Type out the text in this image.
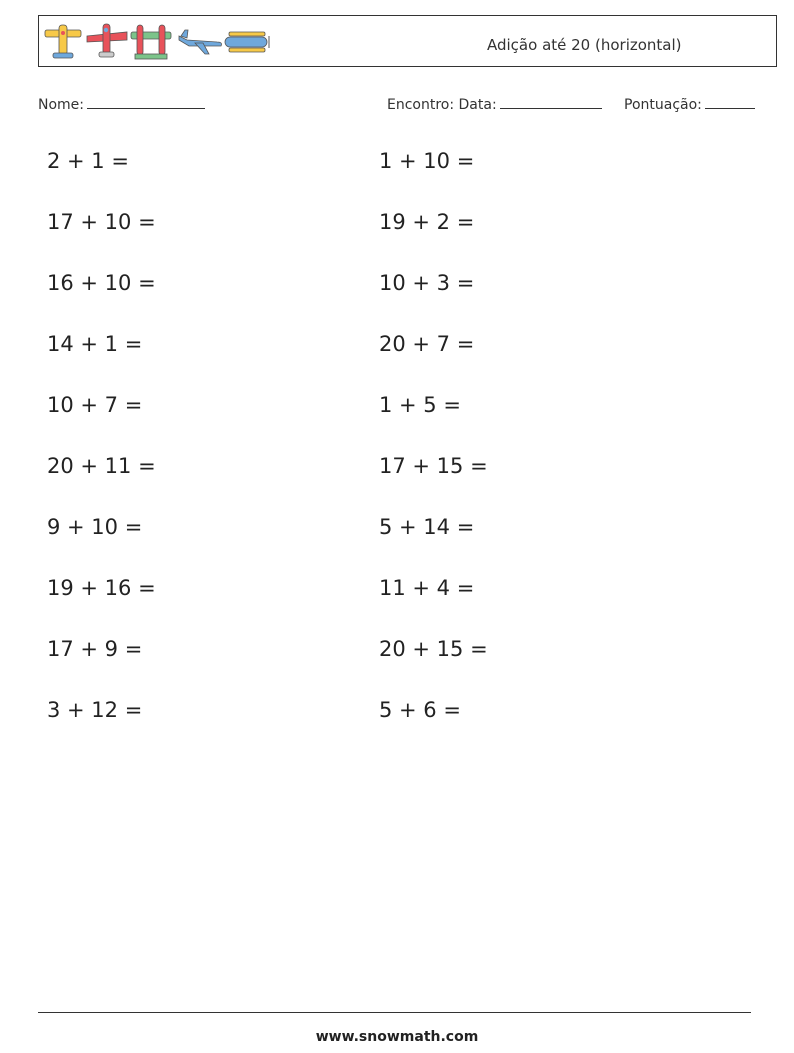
Adição até 20 (horizontal)
Nome:	Encontro: Data:	Pontuação:
2 + 1 =
17 + 10 =
16 + 10 =
14 + 1 =
10 + 7 =
20 + 11 =
9 + 10 =
19 + 16 =
17 + 9 =
3 + 12 =
1 + 10 =
19 + 2 =
10 + 3 =
20 + 7 =
1 + 5 =
17 + 15 =
5 + 14 =
11 + 4 =
20 + 15 =
5 + 6 =
www.snowmath.com
